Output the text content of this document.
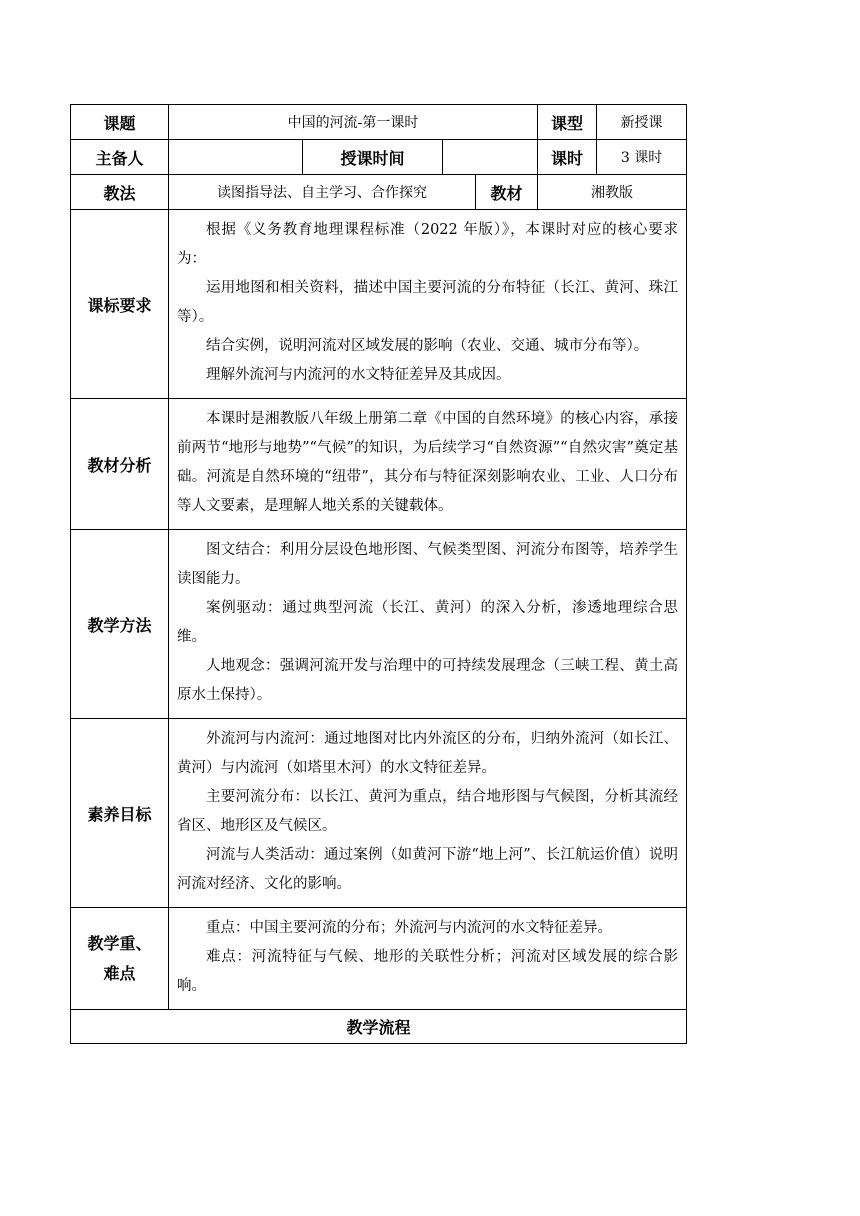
课题	中国的河流-第一课时				课型	新授课
主备人		授课时间			课时	3 课时
教法	读图指导法、自主学习、合作探究			教材	湘教版	
课标要求	根据《义务教育地理课程标准（2022 年版）》，本课时对应的核心要求为：

运用地图和相关资料，描述中国主要河流的分布特征（长江、黄河、珠江等）。

结合实例，说明河流对区域发展的影响（农业、交通、城市分布等）。

理解外流河与内流河的水文特征差异及其成因。					

教材分析	本课时是湘教版八年级上册第二章《中国的自然环境》的核心内容，承接前两节“地形与地势”“气候”的知识，为后续学习“自然资源”“自然灾害”奠定基础。河流是自然环境的“纽带”，其分布与特征深刻影响农业、工业、人口分布等人文要素，是理解人地关系的关键载体。					

教学方法	图文结合：利用分层设色地形图、气候类型图、河流分布图等，培养学生读图能力。

案例驱动：通过典型河流（长江、黄河）的深入分析，渗透地理综合思维。

人地观念：强调河流开发与治理中的可持续发展理念（三峡工程、黄土高原水土保持）。					

素养目标	外流河与内流河：通过地图对比内外流区的分布，归纳外流河（如长江、黄河）与内流河（如塔里木河）的水文特征差异。

主要河流分布：以长江、黄河为重点，结合地形图与气候图，分析其流经省区、地形区及气候区。

河流与人类活动：通过案例（如黄河下游“地上河”、长江航运价值）说明河流对经济、文化的影响。					

教学重、难点	重点：中国主要河流的分布；外流河与内流河的水文特征差异。

难点：河流特征与气候、地形的关联性分析；河流对区域发展的综合影响。					

教学流程						
